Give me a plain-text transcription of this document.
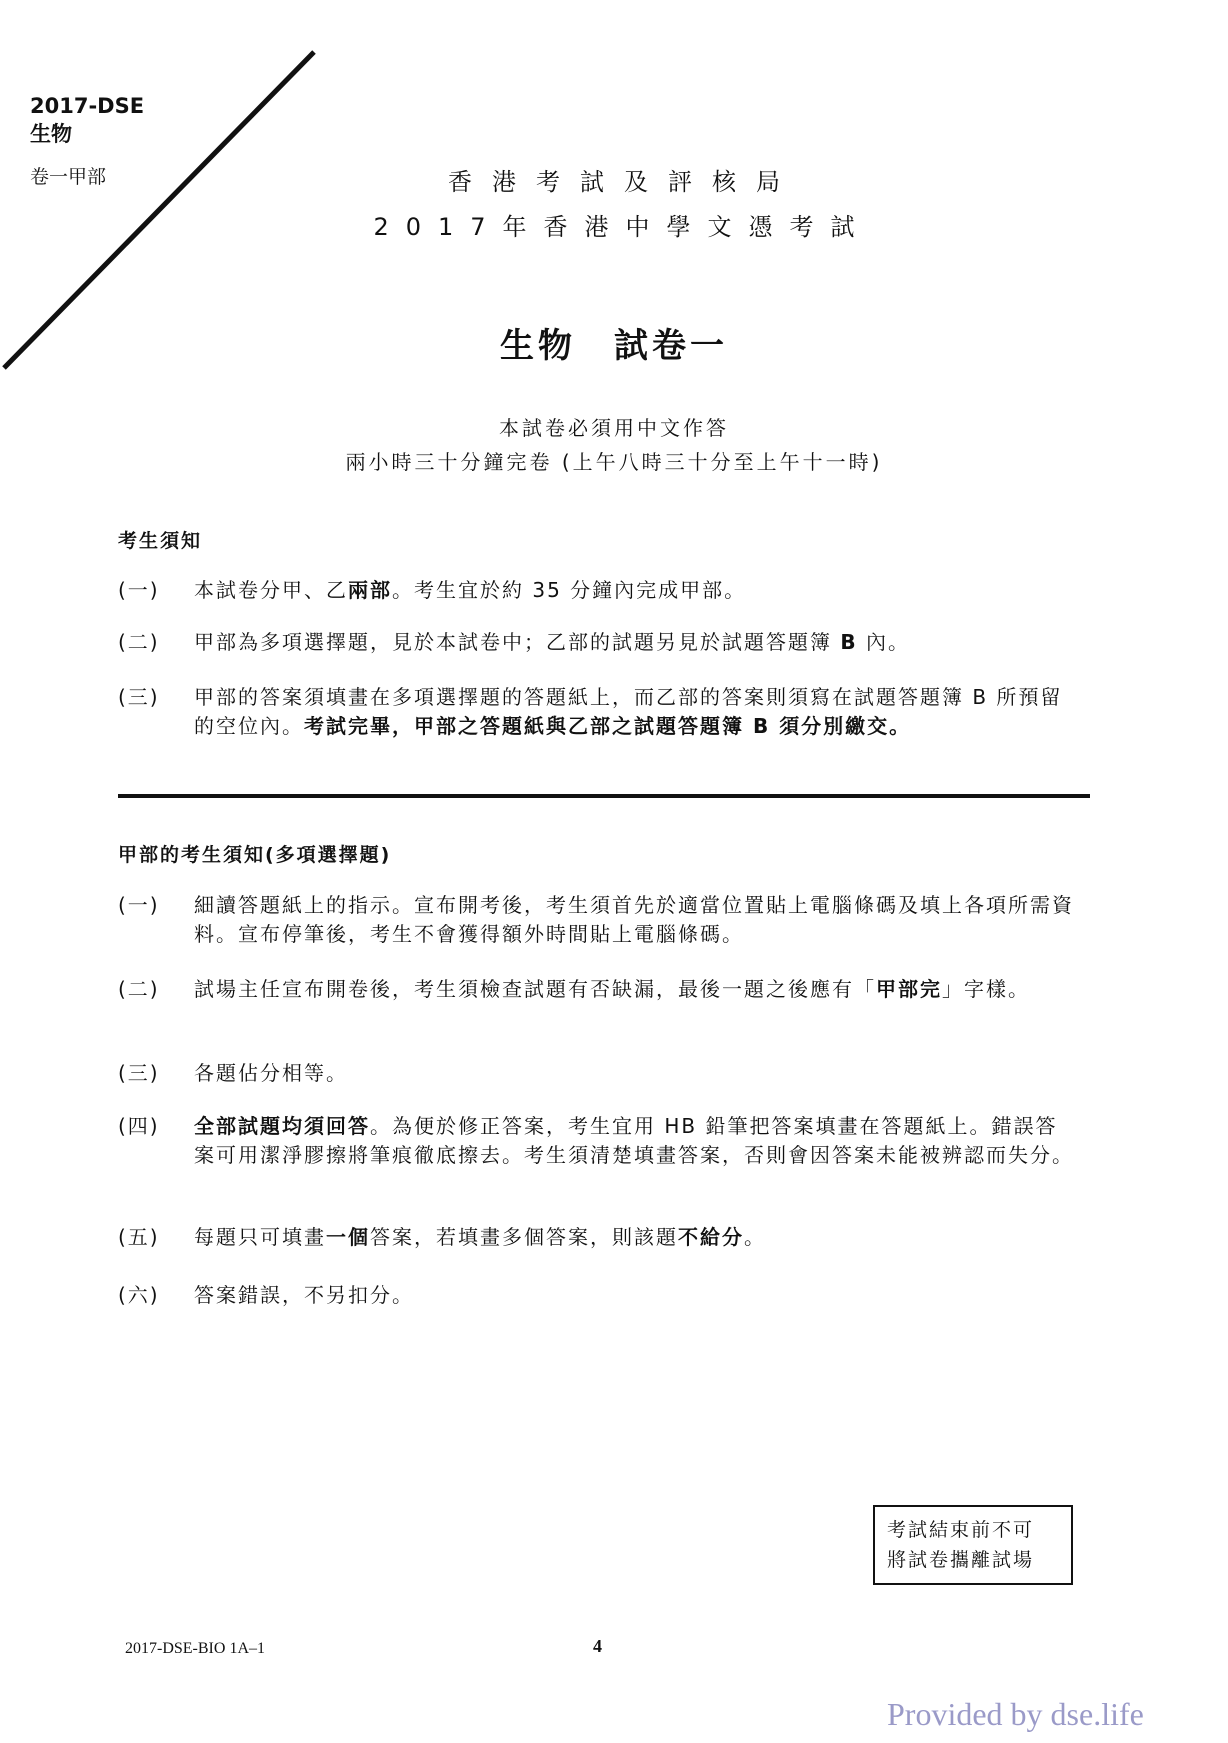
2017-DSE
生物
卷一甲部	香港考試及評核局
2017年香港中學文憑考試
生物　試卷一
本試卷必須用中文作答
兩小時三十分鐘完卷 (上午八時三十分至上午十一時)
考生須知
(一)	本試卷分甲、乙兩部。考生宜於約 35 分鐘內完成甲部。
(二)	甲部為多項選擇題，見於本試卷中；乙部的試題另見於試題答題簿 B 內。
(三)	甲部的答案須填畫在多項選擇題的答題紙上，而乙部的答案則須寫在試題答題簿 B 所預留的空位內。考試完畢，甲部之答題紙與乙部之試題答題簿 B 須分別繳交。
甲部的考生須知(多項選擇題)
(一)	細讀答題紙上的指示。宣布開考後，考生須首先於適當位置貼上電腦條碼及填上各項所需資料。宣布停筆後，考生不會獲得額外時間貼上電腦條碼。
(二)	試場主任宣布開卷後，考生須檢查試題有否缺漏，最後一題之後應有「甲部完」字樣。
(三)	各題佔分相等。
(四)	全部試題均須回答。為便於修正答案，考生宜用 HB 鉛筆把答案填畫在答題紙上。錯誤答案可用潔淨膠擦將筆痕徹底擦去。考生須清楚填畫答案，否則會因答案未能被辨認而失分。
(五)	每題只可填畫一個答案，若填畫多個答案，則該題不給分。
(六)	答案錯誤，不另扣分。
考試結束前不可
將試卷攜離試場
2017-DSE-BIO 1A–1	4
Provided by dse.life
